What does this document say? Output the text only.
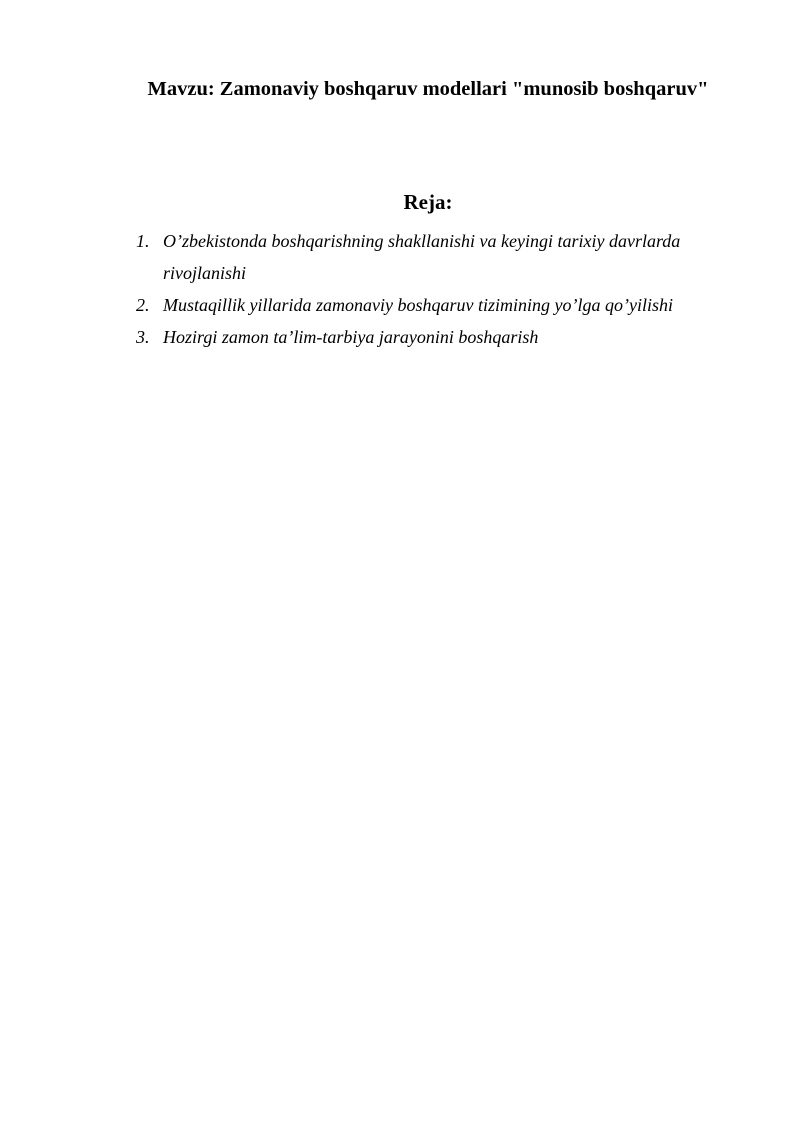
Mavzu: Zamonaviy boshqaruv modellari "munosib boshqaruv"
Reja:
1. O’zbekistonda boshqarishning shakllanishi va keyingi tarixiy davrlarda rivojlanishi
2. Mustaqillik yillarida zamonaviy boshqaruv tizimining yo’lga qo’yilishi
3. Hozirgi zamon ta’lim-tarbiya jarayonini boshqarish
